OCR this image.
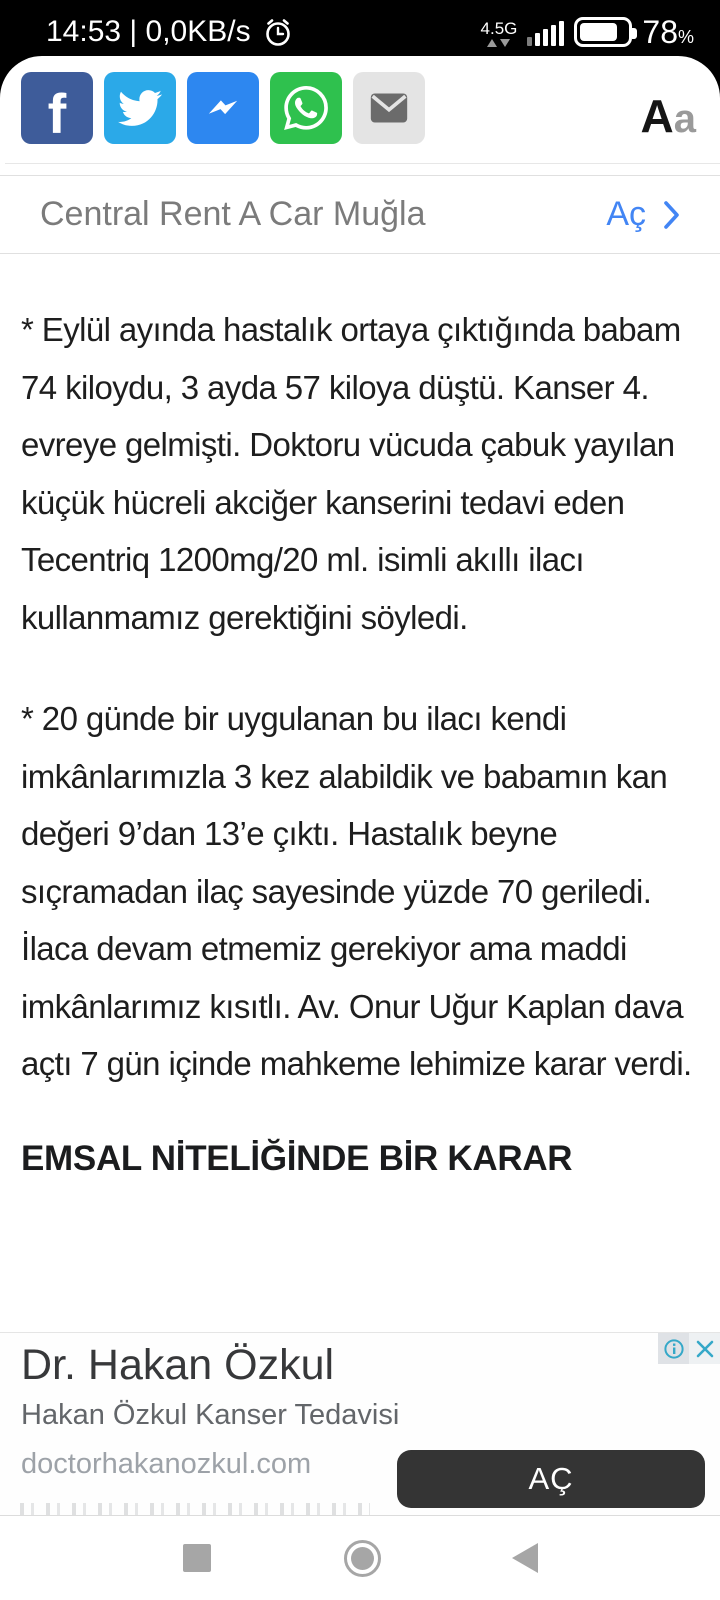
14:53 | 0,0KB/s	4.5G	78%
f	Aa
Central Rent A Car Muğla	Aç

* Eylül ayında hastalık ortaya çıktığında babam 74 kiloydu, 3 ayda 57 kiloya düştü. Kanser 4. evreye gelmişti. Doktoru vücuda çabuk yayılan küçük hücreli akciğer kanserini tedavi eden Tecentriq 1200mg/20 ml. isimli akıllı ilacı kullanmamız gerektiğini söyledi.

* 20 günde bir uygulanan bu ilacı kendi imkânlarımızla 3 kez alabildik ve babamın kan değeri 9’dan 13’e çıktı. Hastalık beyne sıçramadan ilaç sayesinde yüzde 70 geriledi. İlaca devam etmemiz gerekiyor ama maddi imkânlarımız kısıtlı. Av. Onur Uğur Kaplan dava açtı 7 gün içinde mahkeme lehimize karar verdi.

EMSAL NİTELİĞİNDE BİR KARAR
Dr. Hakan Özkul
Hakan Özkul Kanser Tedavisi
doctorhakanozkul.com	AÇ
